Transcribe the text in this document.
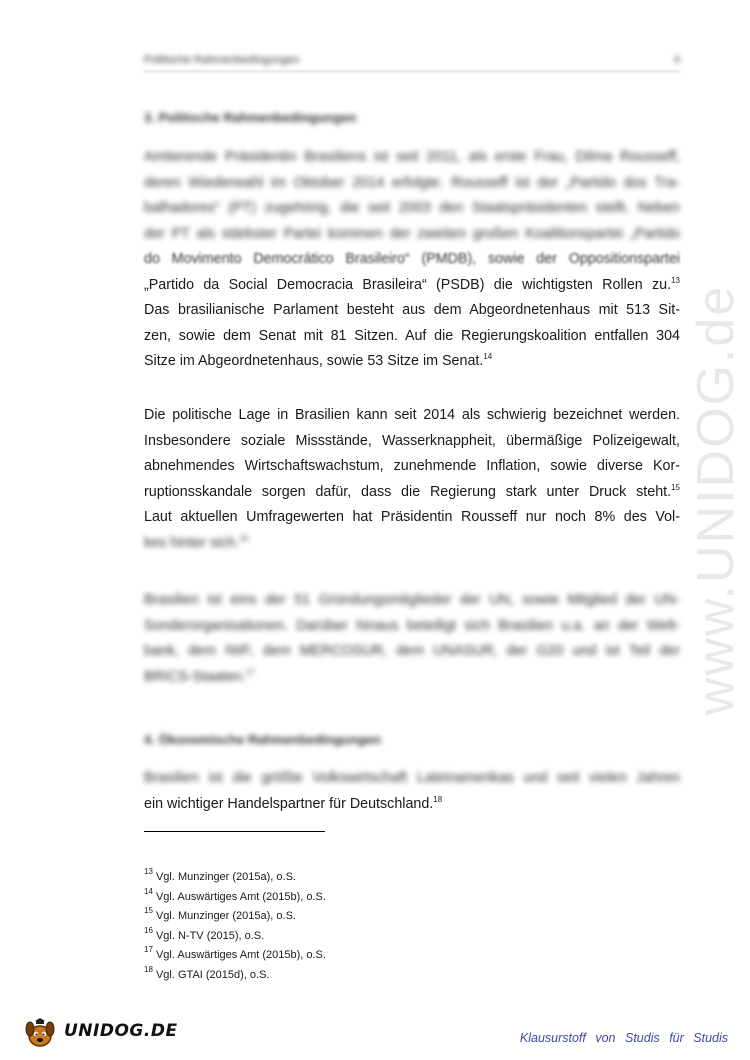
www.UNIDOG.de
Politische Rahmenbedingungen	4
3. Politische Rahmenbedingungen
Amtierende Präsidentin Brasiliens ist seit 2011, als erste Frau, Dilma Rousseff,
deren Wiederwahl im Oktober 2014 erfolgte. Rousseff ist der „Partido dos Tra-
balhadores“ (PT) zugehörig, die seit 2003 den Staatspräsidenten stellt. Neben
der PT als stärkster Partei kommen der zweiten großen Koalitionspartei „Partido
do Movimento Democrático Brasileiro“ (PMDB), sowie der Oppositionspartei
„Partido da Social Democracia Brasileira“ (PSDB) die wichtigsten Rollen zu.$^{13}$
Das brasilianische Parlament besteht aus dem Abgeordnetenhaus mit 513 Sit-
zen, sowie dem Senat mit 81 Sitzen. Auf die Regierungskoalition entfallen 304
Sitze im Abgeordnetenhaus, sowie 53 Sitze im Senat.$^{14}$
Die politische Lage in Brasilien kann seit 2014 als schwierig bezeichnet werden.
Insbesondere soziale Missstände, Wasserknappheit, übermäßige Polizeigewalt,
abnehmendes Wirtschaftswachstum, zunehmende Inflation, sowie diverse Kor-
ruptionsskandale sorgen dafür, dass die Regierung stark unter Druck steht.$^{15}$
Laut aktuellen Umfragewerten hat Präsidentin Rousseff nur noch 8% des Vol-
kes hinter sich.$^{16}$
Brasilien ist eins der 51 Gründungsmitglieder der UN, sowie Mitglied der UN-
Sonderorganisationen. Darüber hinaus beteiligt sich Brasilien u.a. an der Welt-
bank, dem IWF, dem MERCOSUR, dem UNASUR, der G20 und ist Teil der
BRICS-Staaten.$^{17}$
4. Ökonomische Rahmenbedingungen
Brasilien ist die größte Volkswirtschaft Lateinamerikas und seit vielen Jahren
ein wichtiger Handelspartner für Deutschland.$^{18}$
$^{13}$ Vgl. Munzinger (2015a), o.S.
$^{14}$ Vgl. Auswärtiges Amt (2015b), o.S.
$^{15}$ Vgl. Munzinger (2015a), o.S.
$^{16}$ Vgl. N-TV (2015), o.S.
$^{17}$ Vgl. Auswärtiges Amt (2015b), o.S.
$^{18}$ Vgl. GTAI (2015d), o.S.
UNIDOG.DE	Klausurstoff von Studis für Studis
